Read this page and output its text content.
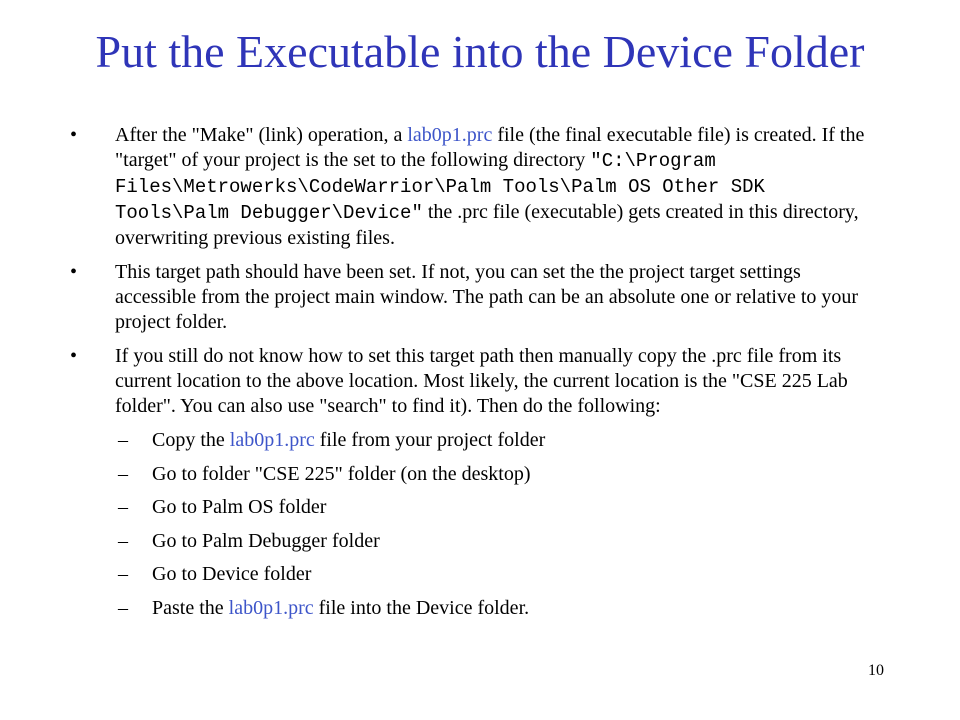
Put the Executable into the Device Folder

• After the "Make" (link) operation, a lab0p1.prc file (the final executable file) is created. If the "target" of your project is the set to the following directory "C:\Program Files\Metrowerks\CodeWarrior\Palm Tools\Palm OS Other SDK Tools\Palm Debugger\Device" the .prc file (executable) gets created in this directory, overwriting previous existing files.

• This target path should have been set. If not, you can set the the project target settings accessible from the project main window. The path can be an absolute one or relative to your project folder.

• If you still do not know how to set this target path then manually copy the .prc file from its current location to the above location. Most likely, the current location is the "CSE 225 Lab folder". You can also use "search" to find it). Then do the following:

– Copy the lab0p1.prc file from your project folder
– Go to folder "CSE 225" folder (on the desktop)
– Go to Palm OS folder
– Go to Palm Debugger folder
– Go to Device folder
– Paste the lab0p1.prc file into the Device folder.
10
